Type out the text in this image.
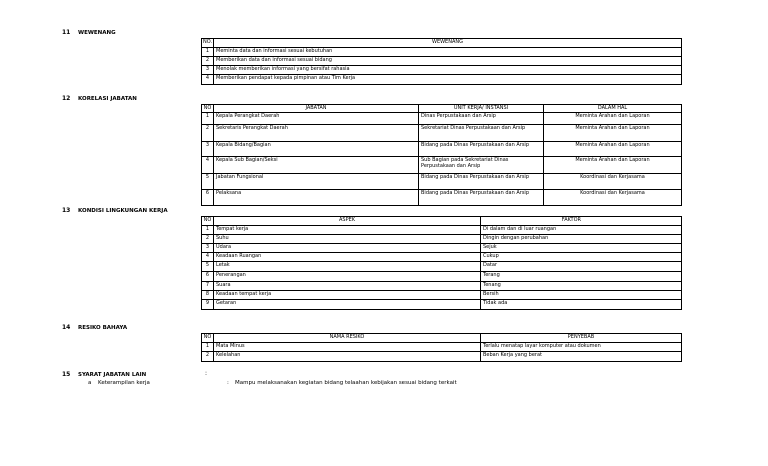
11 WEWENANG
NO.	WEWENANG
1	Meminta data dan informasi sesuai kebutuhan
2	Memberikan data dan informasi sesuai bidang
3	Menolak memberikan informasi yang bersifat rahasia
4	Memberikan pendapat kepada pimpinan atau Tim Kerja
12 KORELASI JABATAN
NO	JABATAN	UNIT KERJA/ INSTANSI	DALAM HAL
1	Kepala Perangkat Daerah	Dinas Perpustakaan dan Arsip	Meminta Arahan dan Laporan
2	Sekretaris Perangkat Daerah	Sekretariat Dinas Perpustakaan dan Arsip	Meminta Arahan dan Laporan
3	Kepala Bidang/Bagian	Bidang pada Dinas Perpustakaan dan Arsip	Meminta Arahan dan Laporan
4	Kepala Sub Bagian/Seksi	Sub Bagian pada Sekretariat Dinas Perpustakaan dan Arsip	Meminta Arahan dan Laporan
5	Jabatan Fungsional	Bidang pada Dinas Perpustakaan dan Arsip	Koordinasi dan Kerjasama
6	Pelaksana	Bidang pada Dinas Perpustakaan dan Arsip	Koordinasi dan Kerjasama
13 KONDISI LINGKUNGAN KERJA
NO	ASPEK	FAKTOR
1	Tempat kerja	Di dalam dan di luar ruangan
2	Suhu	Dingin dengan perubahan
3	Udara	Sejuk
4	Keadaan Ruangan	Cukup
5	Letak	Datar
6	Penerangan	Terang
7	Suara	Tenang
8	Keadaan tempat kerja	Bersih
9	Getaran	Tidak ada
14 RESIKO BAHAYA
NO	NAMA RESIKO	PENYEBAB
1	Mata Minus	Terlalu menatap layar komputer atau dokumen
2	Kelelahan	Beban Kerja yang berat
15 SYARAT JABATAN LAIN	:
a Keterampilan kerja	: Mampu melaksanakan kegiatan bidang telaahan kebijakan sesuai bidang terkait
